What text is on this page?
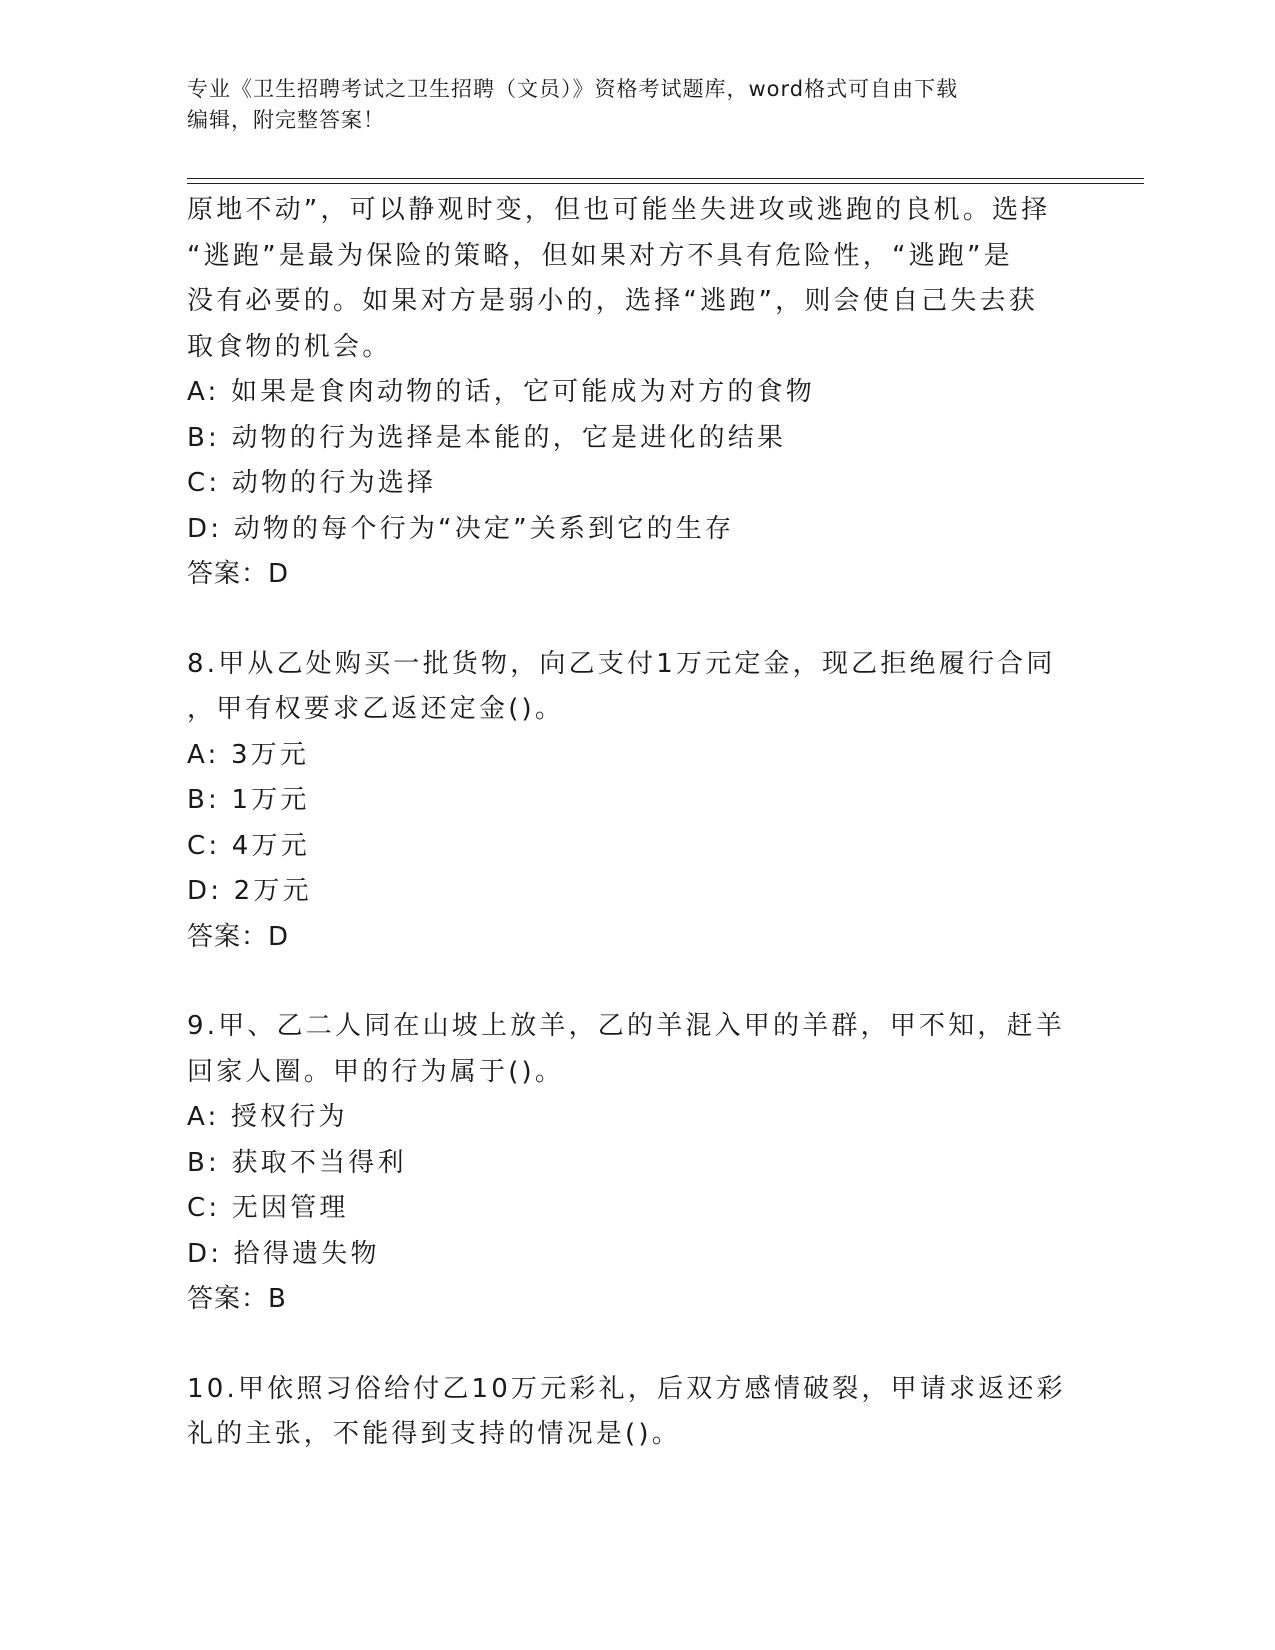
专业《卫生招聘考试之卫生招聘（文员）》资格考试题库，word格式可自由下载
编辑，附完整答案！

原地不动”，可以静观时变，但也可能坐失进攻或逃跑的良机。选择

“逃跑”是最为保险的策略，但如果对方不具有危险性，“逃跑”是

没有必要的。如果对方是弱小的，选择“逃跑”，则会使自己失去获

取食物的机会。

A: 如果是食肉动物的话，它可能成为对方的食物

B: 动物的行为选择是本能的，它是进化的结果

C: 动物的行为选择

D: 动物的每个行为“决定”关系到它的生存

答案：D

8.甲从乙处购买一批货物，向乙支付1万元定金，现乙拒绝履行合同

，甲有权要求乙返还定金()。

A: 3万元

B: 1万元

C: 4万元

D: 2万元

答案：D

9.甲、乙二人同在山坡上放羊，乙的羊混入甲的羊群，甲不知，赶羊

回家人圈。甲的行为属于()。

A: 授权行为

B: 获取不当得利

C: 无因管理

D: 拾得遗失物

答案：B

10.甲依照习俗给付乙10万元彩礼，后双方感情破裂，甲请求返还彩

礼的主张，不能得到支持的情况是()。
